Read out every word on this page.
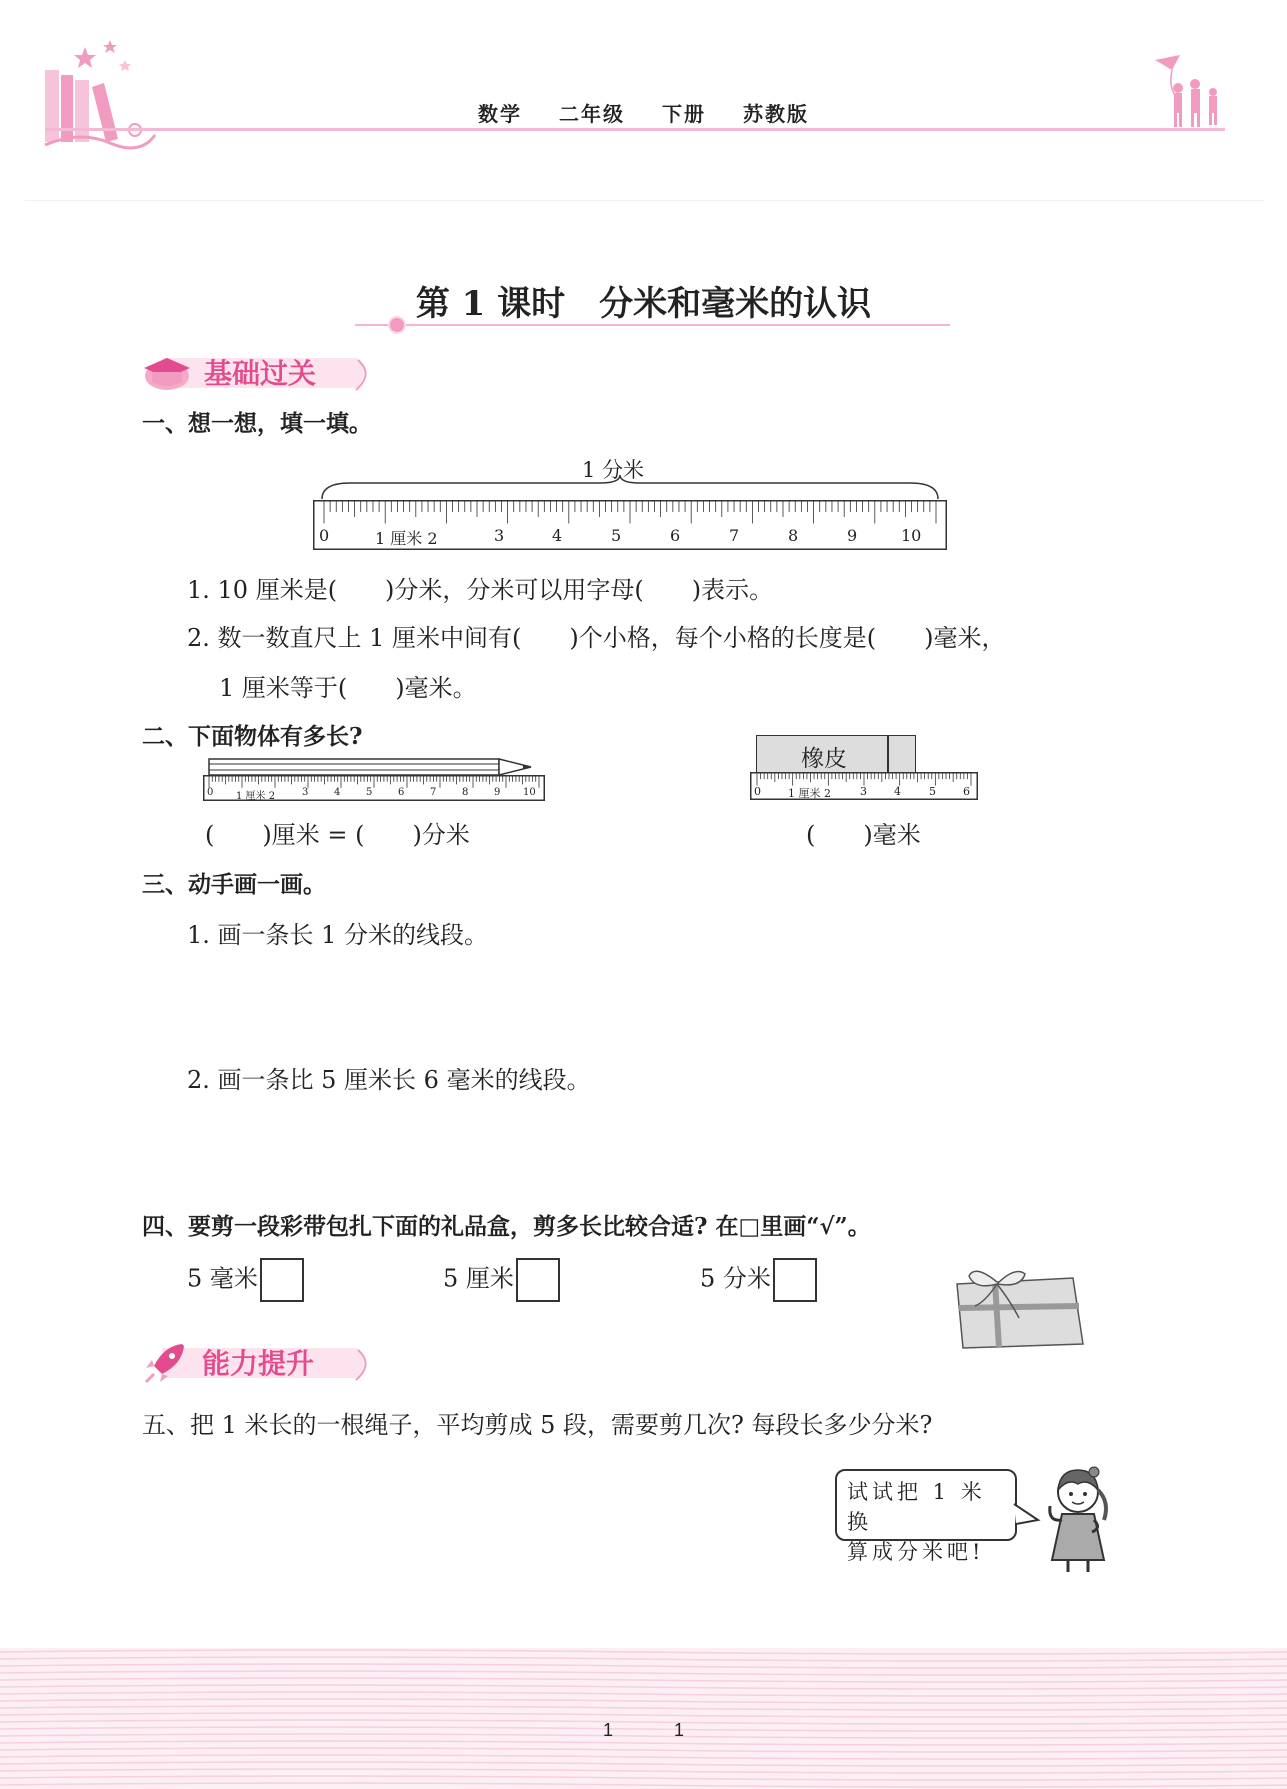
数学 二年级 下册 苏教版
第 1 课时　分米和毫米的认识
基础过关
一、想一想，填一填。
1 分米
0	1 厘米 2	3	4	5	6	7	8	9	10
1. 10 厘米是(　　)分米，分米可以用字母(　　)表示。
2. 数一数直尺上 1 厘米中间有(　　)个小格，每个小格的长度是(　　)毫米，
1 厘米等于(　　)毫米。
二、下面物体有多长?
0 1 厘米 2	3	4	5	6	7	8	9 10
(　　)厘米 = (　　)分米
橡皮
0 1 厘米 2	3 4	5 6
(　　)毫米
三、动手画一画。
1. 画一条长 1 分米的线段。
2. 画一条比 5 厘米长 6 毫米的线段。
四、要剪一段彩带包扎下面的礼品盒，剪多长比较合适? 在□里画“√”。
5 毫米	5 厘米	5 分米
能力提升
五、把 1 米长的一根绳子，平均剪成 5 段，需要剪几次? 每段长多少分米?
试试把 1 米换
算成分米吧!
1	1
